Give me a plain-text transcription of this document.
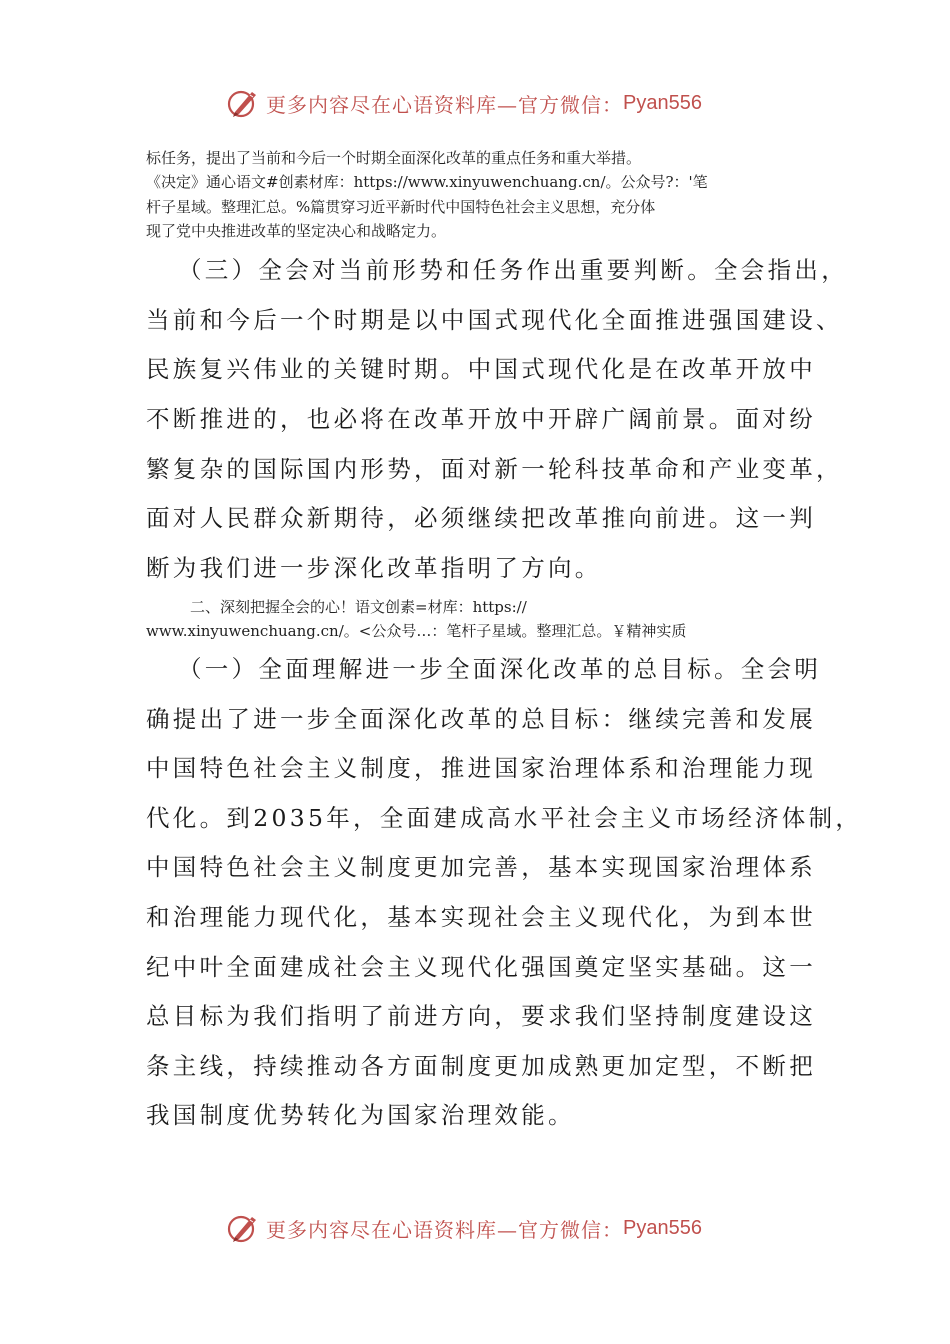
更多内容尽在心语资料库—官方微信： Pyan556
标任务，提出了当前和今后一个时期全面深化改革的重点任务和重大举措。
《决定》通心语文#创素材库：https://www.xinyuwenchuang.cn/。公众号?：'笔
杆子星域。整理汇总。%篇贯穿习近平新时代中国特色社会主义思想，充分体
现了党中央推进改革的坚定决心和战略定力。
（三）全会对当前形势和任务作出重要判断。全会指出，
当前和今后一个时期是以中国式现代化全面推进强国建设、
民族复兴伟业的关键时期。中国式现代化是在改革开放中
不断推进的，也必将在改革开放中开辟广阔前景。面对纷
繁复杂的国际国内形势，面对新一轮科技革命和产业变革，
面对人民群众新期待，必须继续把改革推向前进。这一判
断为我们进一步深化改革指明了方向。
二、深刻把握全会的心！语文创素=材库：https://
www.xinyuwenchuang.cn/。<公众号…：笔杆子星域。整理汇总。￥精神实质
（一）全面理解进一步全面深化改革的总目标。全会明
确提出了进一步全面深化改革的总目标：继续完善和发展
中国特色社会主义制度，推进国家治理体系和治理能力现
代化。到2035年，全面建成高水平社会主义市场经济体制，
中国特色社会主义制度更加完善，基本实现国家治理体系
和治理能力现代化，基本实现社会主义现代化，为到本世
纪中叶全面建成社会主义现代化强国奠定坚实基础。这一
总目标为我们指明了前进方向，要求我们坚持制度建设这
条主线，持续推动各方面制度更加成熟更加定型，不断把
我国制度优势转化为国家治理效能。
更多内容尽在心语资料库—官方微信： Pyan556
